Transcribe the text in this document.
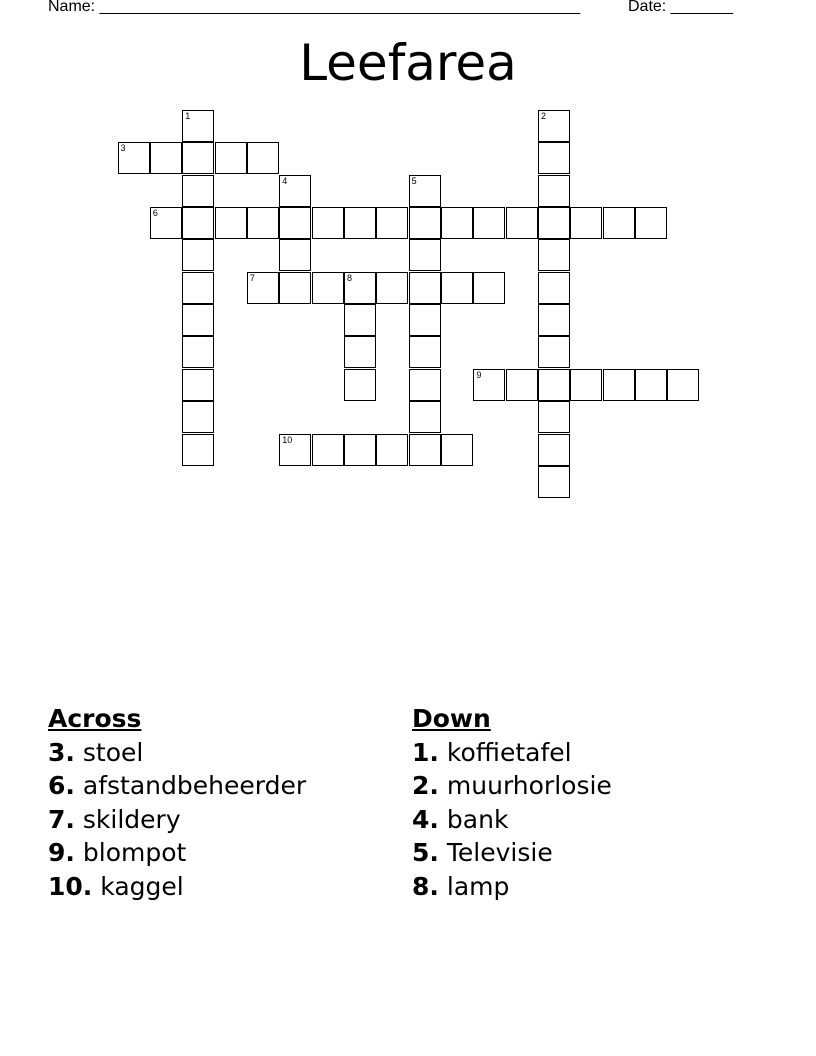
Name: ______________________________________________________	Date: _______
Leefarea
1	2
3
4	5
6
7	8
9
10
Across
3. stoel
6. afstandbeheerder
7. skildery
9. blompot
10. kaggel
Down
1. koffietafel
2. muurhorlosie
4. bank
5. Televisie
8. lamp
